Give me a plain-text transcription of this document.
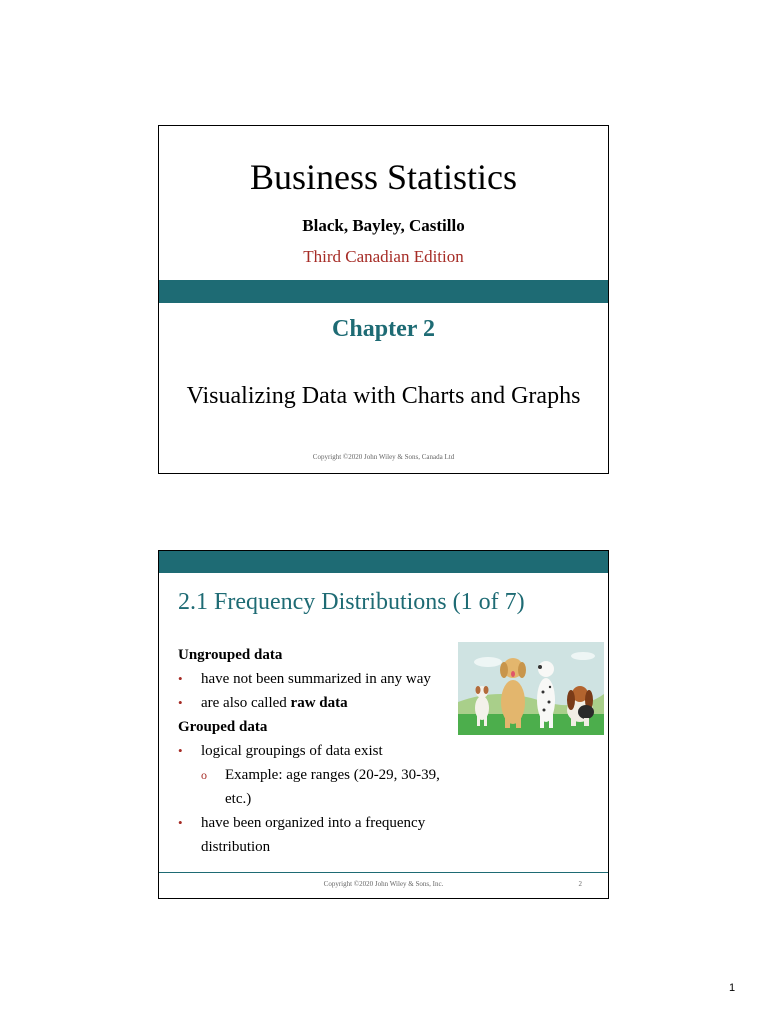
Business Statistics
Black, Bayley, Castillo
Third Canadian Edition
Chapter 2
Visualizing Data with Charts and Graphs
Copyright ©2020 John Wiley & Sons, Canada Ltd
2.1 Frequency Distributions (1 of 7)
Ungrouped data
• have not been summarized in any way
• are also called raw data
Grouped data
• logical groupings of data exist
o Example: age ranges (20-29, 30-39, etc.)
• have been organized into a frequency distribution
Copyright ©2020 John Wiley & Sons, Inc.	2
1
